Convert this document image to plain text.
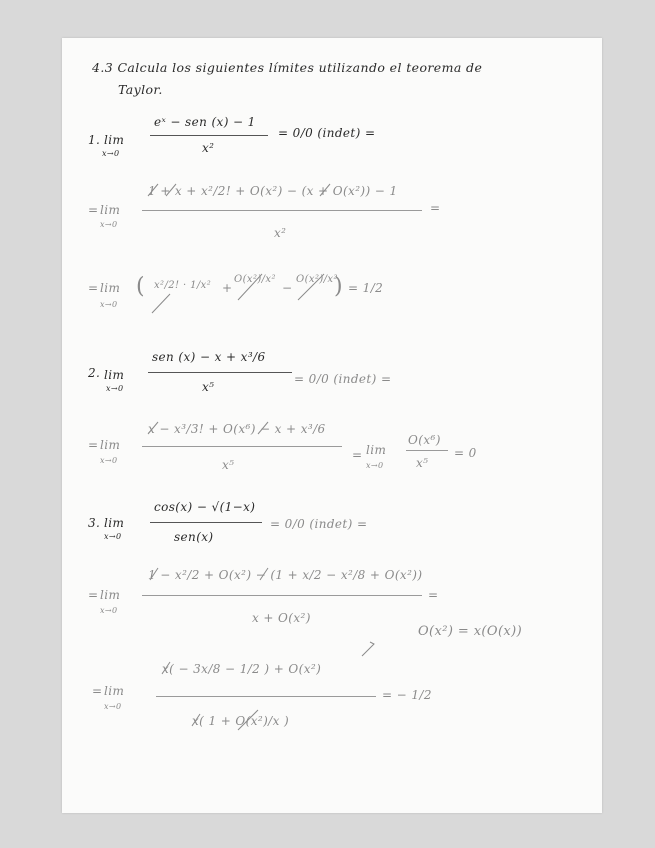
4.3 Calcula los siguientes límites utilizando el teorema de
Taylor.
1. lim
x→0
eˣ − sen (x) − 1
x²
= 0/0 (indet) =
= lim
x→0
1 + x + x²/2! + O(x²) − (x + O(x²)) − 1
x²
=
= lim
x→0
( x²/2! · 1/x² +
O(x²)/x²
−
O(x²)/x²
) = 1/2
2. lim
x→0
sen (x) − x + x³/6
x⁵
= 0/0 (indet) =
= lim
x→0
x − x³/3! + O(x⁶) − x + x³/6
x⁵
= lim
x→0
O(x⁶)
x⁵
= 0
3. lim
x→0
cos(x) − √(1−x)
sen(x)
= 0/0 (indet) =
= lim
x→0
1 − x²/2 + O(x²) − (1 + x/2 − x²/8 + O(x²))
x + O(x²)
=
O(x²) = x(O(x))
= lim
x→0
x( − 3x/8 − 1/2 ) + O(x²)
x( 1 + O(x²)/x )
= − 1/2
